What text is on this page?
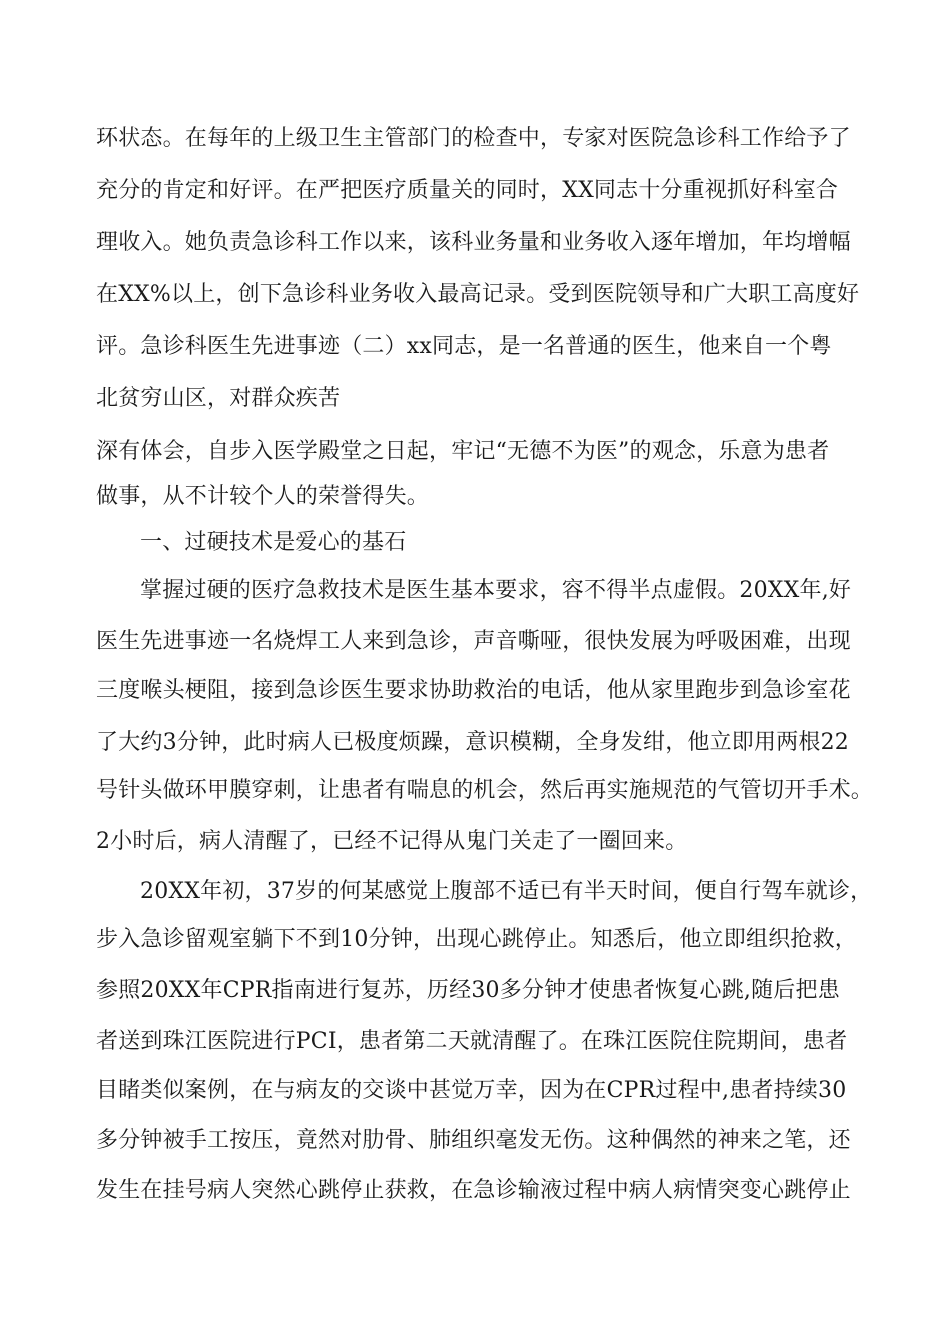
环状态。在每年的上级卫生主管部门的检查中，专家对医院急诊科工作给予了
充分的肯定和好评。在严把医疗质量关的同时，XX同志十分重视抓好科室合
理收入。她负责急诊科工作以来，该科业务量和业务收入逐年增加，年均增幅
在XX%以上，创下急诊科业务收入最高记录。受到医院领导和广大职工高度好
评。急诊科医生先进事迹（二）xx同志，是一名普通的医生，他来自一个粤
北贫穷山区，对群众疾苦
深有体会，自步入医学殿堂之日起，牢记“无德不为医”的观念，乐意为患者
做事，从不计较个人的荣誉得失。
一、过硬技术是爱心的基石
掌握过硬的医疗急救技术是医生基本要求，容不得半点虚假。20XX年,好
医生先进事迹一名烧焊工人来到急诊，声音嘶哑，很快发展为呼吸困难，出现
三度喉头梗阻，接到急诊医生要求协助救治的电话，他从家里跑步到急诊室花
了大约3分钟，此时病人已极度烦躁，意识模糊，全身发绀，他立即用两根22
号针头做环甲膜穿刺，让患者有喘息的机会，然后再实施规范的气管切开手术。
2小时后，病人清醒了，已经不记得从鬼门关走了一圈回来。
20XX年初，37岁的何某感觉上腹部不适已有半天时间，便自行驾车就诊，
步入急诊留观室躺下不到10分钟，出现心跳停止。知悉后，他立即组织抢救，
参照20XX年CPR指南进行复苏，历经30多分钟才使患者恢复心跳,随后把患
者送到珠江医院进行PCI，患者第二天就清醒了。在珠江医院住院期间，患者
目睹类似案例，在与病友的交谈中甚觉万幸，因为在CPR过程中,患者持续30
多分钟被手工按压，竟然对肋骨、肺组织毫发无伤。这种偶然的神来之笔，还
发生在挂号病人突然心跳停止获救，在急诊输液过程中病人病情突变心跳停止
